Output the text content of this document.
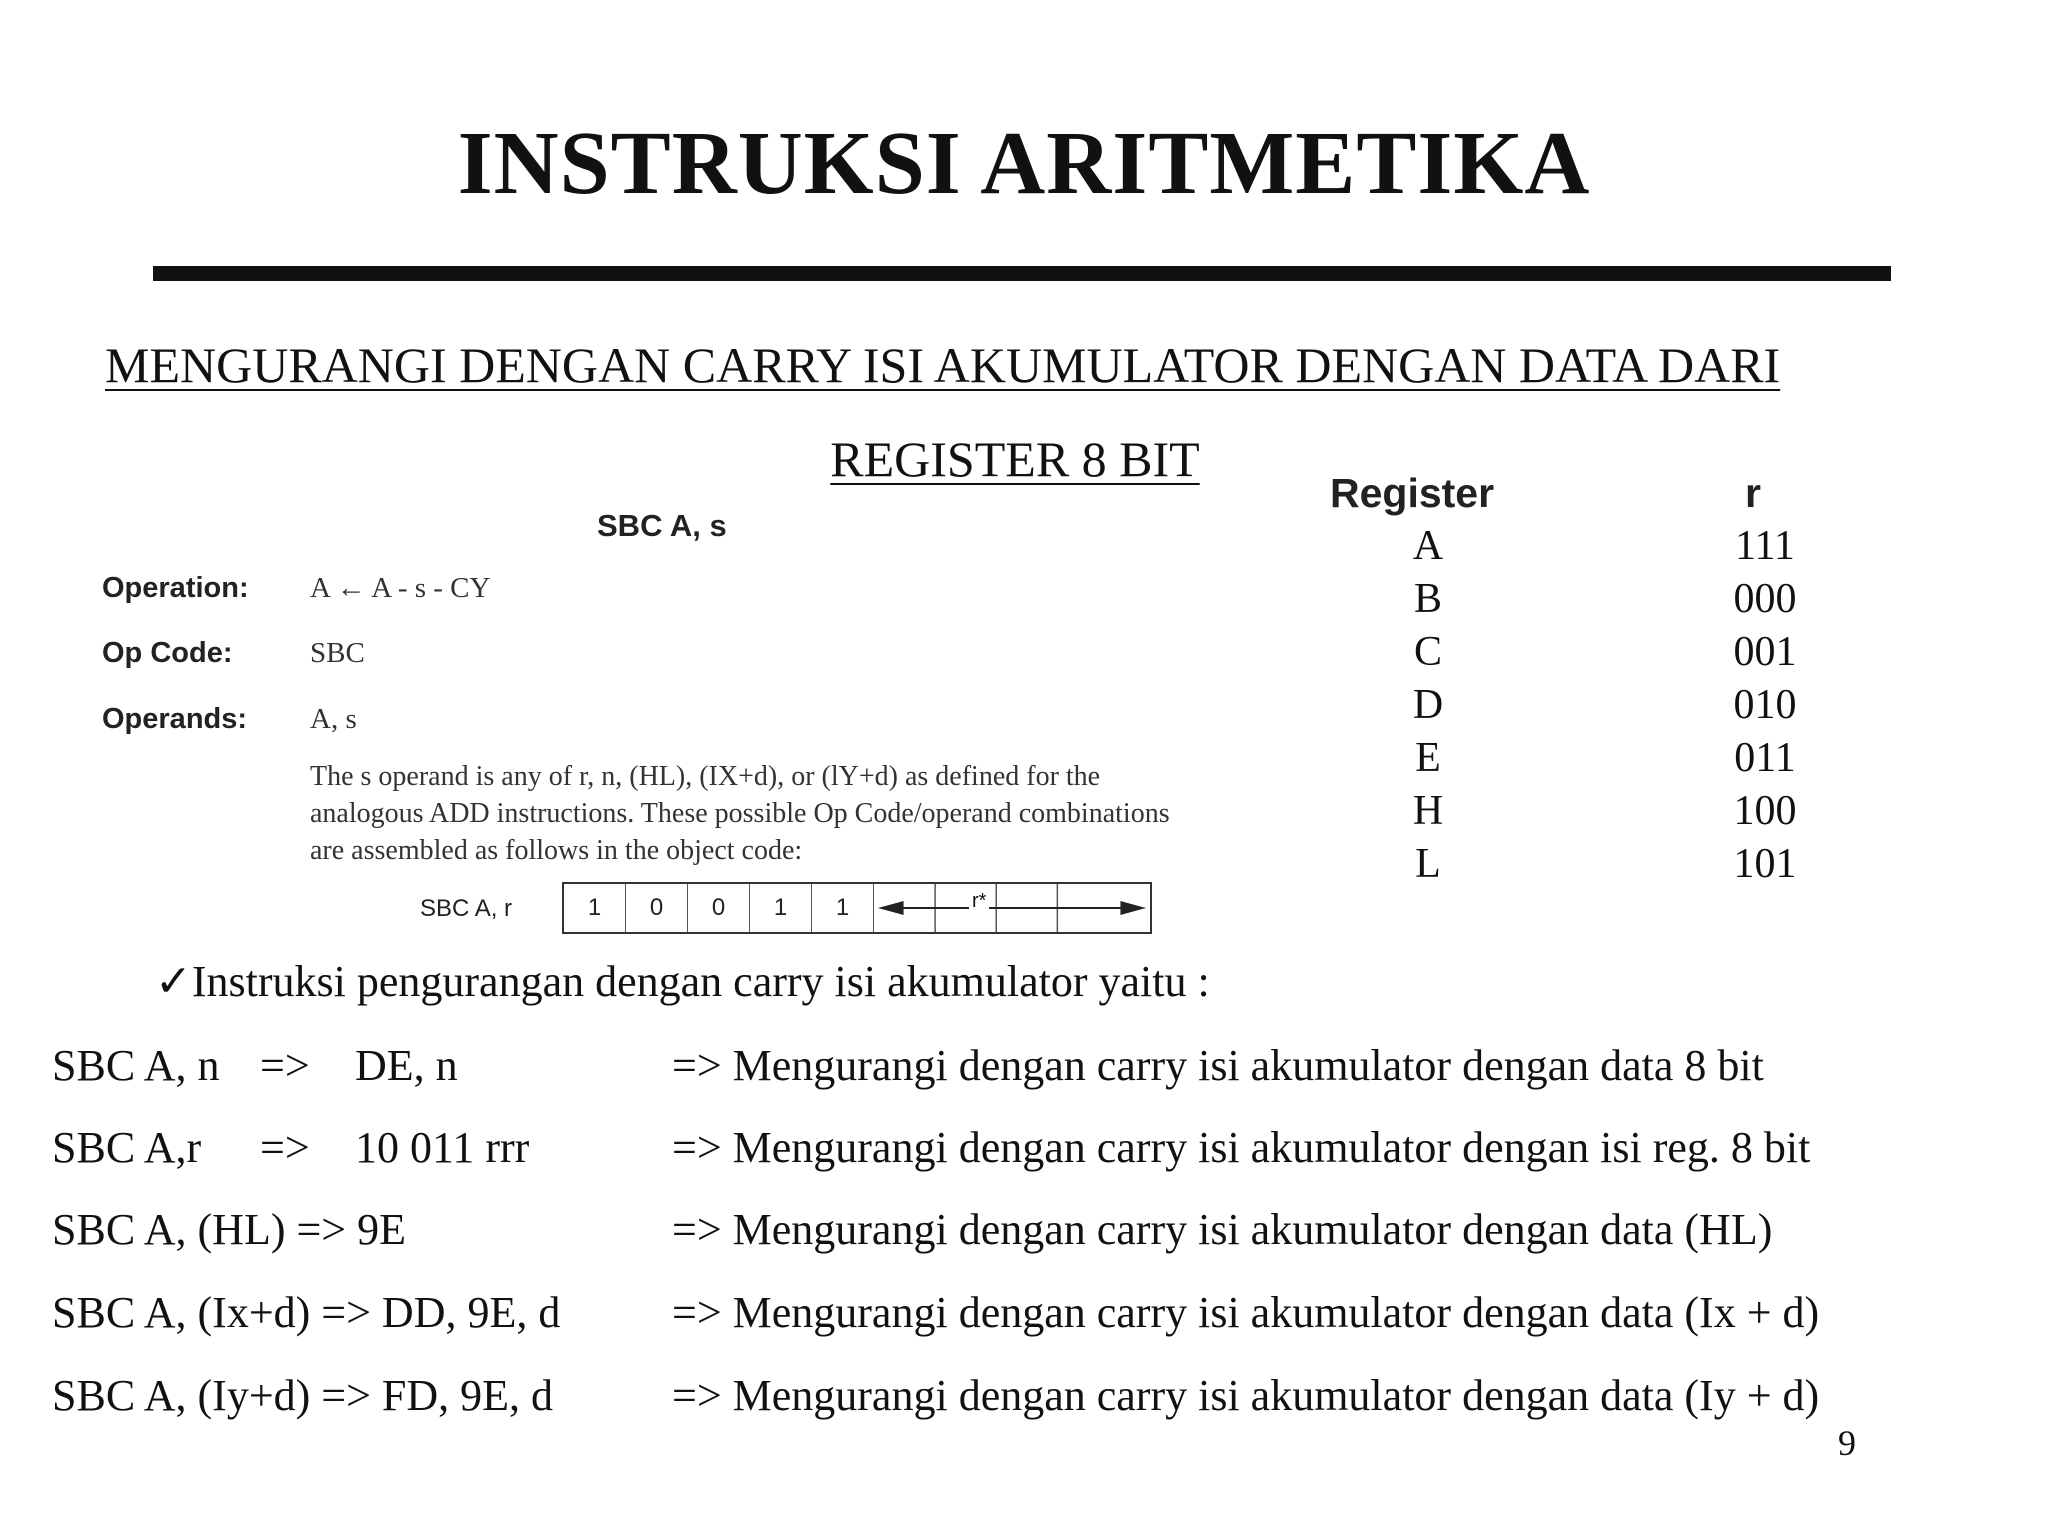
INSTRUKSI ARITMETIKA
MENGURANGI DENGAN CARRY ISI AKUMULATOR DENGAN DATA DARI
REGISTER 8 BIT
SBC A, s
Operation: A ← A - s - CY
Op Code:	SBC
Operands: A, s
The s operand is any of r, n, (HL), (IX+d), or (lY+d) as defined for the analogous ADD instructions. These possible Op Code/operand combinations are assembled as follows in the object code:
SBC A, r	1	0	0	1	1	r*
Register	r
A	111
B	000
C	001
D	010
E	011
H	100
L	101
✓Instruksi pengurangan dengan carry isi akumulator yaitu :
SBC A, n => DE, n	=> Mengurangi dengan carry isi akumulator dengan data 8 bit
SBC A,r => 10 011 rrr	=> Mengurangi dengan carry isi akumulator dengan isi reg. 8 bit
SBC A, (HL) => 9E	=> Mengurangi dengan carry isi akumulator dengan data (HL)
SBC A, (Ix+d) => DD, 9E, d	=> Mengurangi dengan carry isi akumulator dengan data (Ix + d)
SBC A, (Iy+d) => FD, 9E, d	=> Mengurangi dengan carry isi akumulator dengan data (Iy + d)
9
